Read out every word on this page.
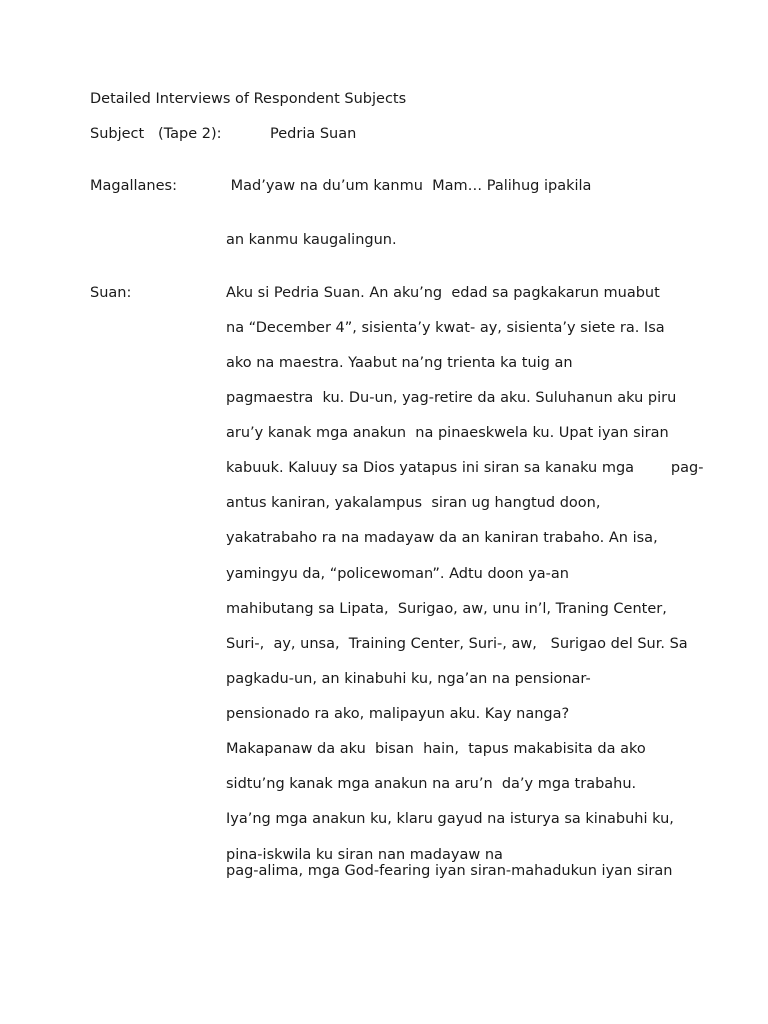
Detailed Interviews of Respondent Subjects
Subject   (Tape 2):	Pedria Suan
Magallanes:	Mad’yaw na du’um kanmu  Mam… Palihug ipakila
an kanmu kaugalingun.
Suan:	Aku si Pedria Suan. An aku’ng  edad sa pagkakarun muabut
na “December 4”, sisienta’y kwat- ay, sisienta’y siete ra. Isa
ako na maestra. Yaabut na’ng trienta ka tuig an
pagmaestra  ku. Du-un, yag-retire da aku. Suluhanun aku piru
aru’y kanak mga anakun  na pinaeskwela ku. Upat iyan siran
kabuuk. Kaluuy sa Dios yatapus ini siran sa kanaku mga        pag-
antus kaniran, yakalampus  siran ug hangtud doon,
yakatrabaho ra na madayaw da an kaniran trabaho. An isa,
yamingyu da, “policewoman”. Adtu doon ya-an
mahibutang sa Lipata,  Surigao, aw, unu in’l, Traning Center,
Suri-,  ay, unsa,  Training Center, Suri-, aw,   Surigao del Sur. Sa
pagkadu-un, an kinabuhi ku, nga’an na pensionar-
pensionado ra ako, malipayun aku. Kay nanga?
Makapanaw da aku  bisan  hain,  tapus makabisita da ako
sidtu’ng kanak mga anakun na aru’n  da’y mga trabahu.
Iya’ng mga anakun ku, klaru gayud na isturya sa kinabuhi ku,
pina-iskwila ku siran nan madayaw na
pag-alima, mga God-fearing iyan siran-mahadukun iyan siran
